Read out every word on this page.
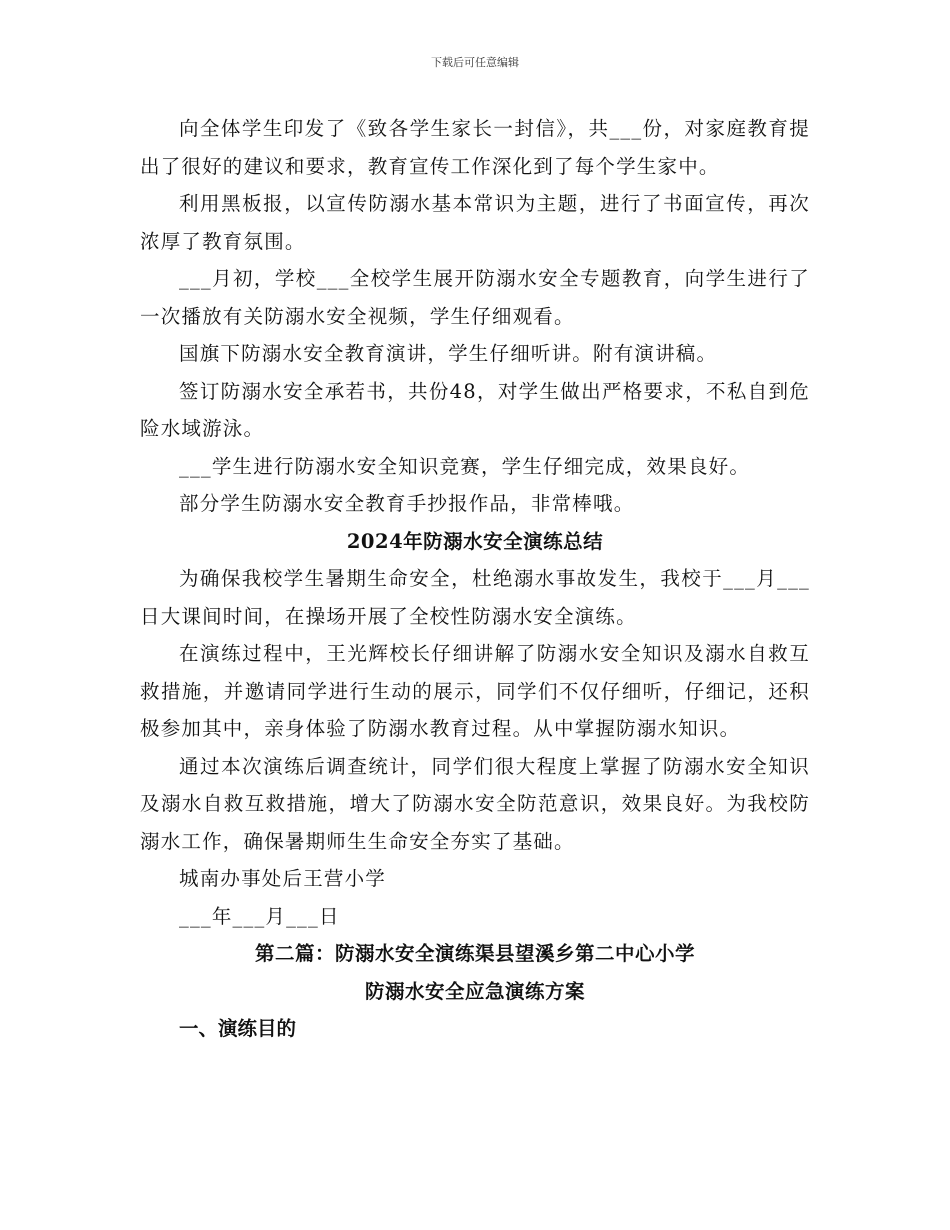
下载后可任意编辑

向全体学生印发了《致各学生家长一封信》，共___份，对家庭教育提出了很好的建议和要求，教育宣传工作深化到了每个学生家中。

利用黑板报，以宣传防溺水基本常识为主题，进行了书面宣传，再次浓厚了教育氛围。

___月初，学校___全校学生展开防溺水安全专题教育，向学生进行了一次播放有关防溺水安全视频，学生仔细观看。

国旗下防溺水安全教育演讲，学生仔细听讲。附有演讲稿。

签订防溺水安全承若书，共份48，对学生做出严格要求，不私自到危险水域游泳。

___学生进行防溺水安全知识竞赛，学生仔细完成，效果良好。

部分学生防溺水安全教育手抄报作品，非常棒哦。

2024年防溺水安全演练总结

为确保我校学生暑期生命安全，杜绝溺水事故发生，我校于___月___日大课间时间，在操场开展了全校性防溺水安全演练。

在演练过程中，王光辉校长仔细讲解了防溺水安全知识及溺水自救互救措施，并邀请同学进行生动的展示，同学们不仅仔细听，仔细记，还积极参加其中，亲身体验了防溺水教育过程。从中掌握防溺水知识。

通过本次演练后调查统计，同学们很大程度上掌握了防溺水安全知识及溺水自救互救措施，增大了防溺水安全防范意识，效果良好。为我校防溺水工作，确保暑期师生生命安全夯实了基础。

城南办事处后王营小学

___年___月___日

第二篇：防溺水安全演练渠县望溪乡第二中心小学

防溺水安全应急演练方案

一、演练目的
